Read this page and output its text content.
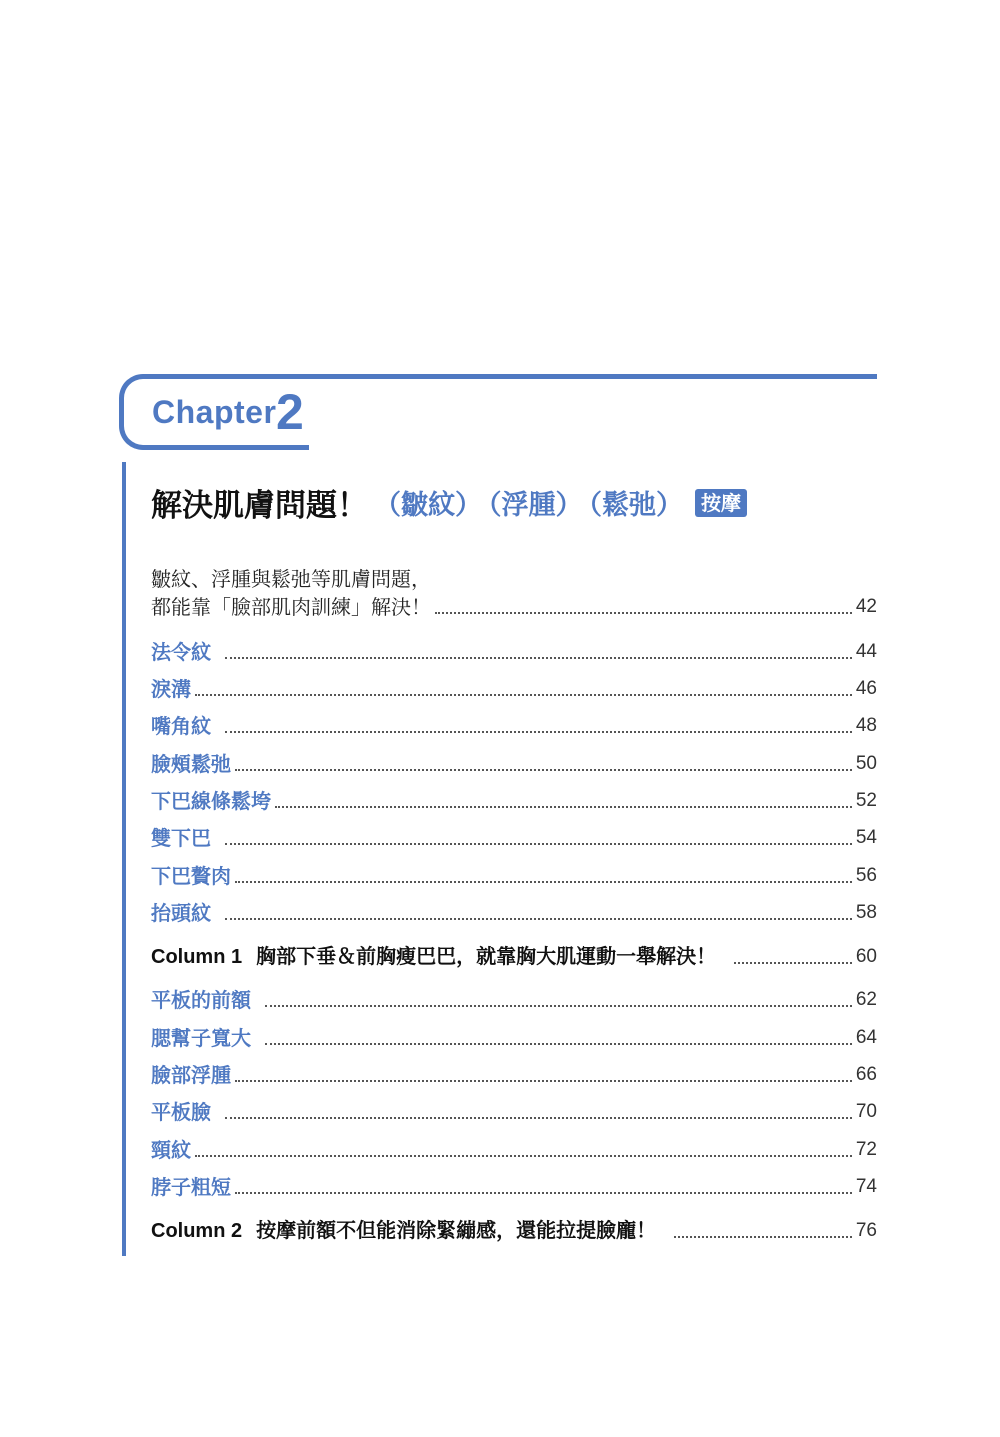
Chapter 2
解決肌膚問題！ （皺紋） （浮腫） （鬆弛） 按摩
皺紋、浮腫與鬆弛等肌膚問題，
都能靠「臉部肌肉訓練」解決！	42
法令紋	44
淚溝	46
嘴角紋	48
臉頰鬆弛	50
下巴線條鬆垮	52
雙下巴	54
下巴贅肉	56
抬頭紋	58
Column 1 胸部下垂＆前胸瘦巴巴，就靠胸大肌運動一舉解決！	60
平板的前額	62
腮幫子寬大	64
臉部浮腫	66
平板臉	70
頸紋	72
脖子粗短	74
Column 2 按摩前額不但能消除緊繃感，還能拉提臉龐！	76
